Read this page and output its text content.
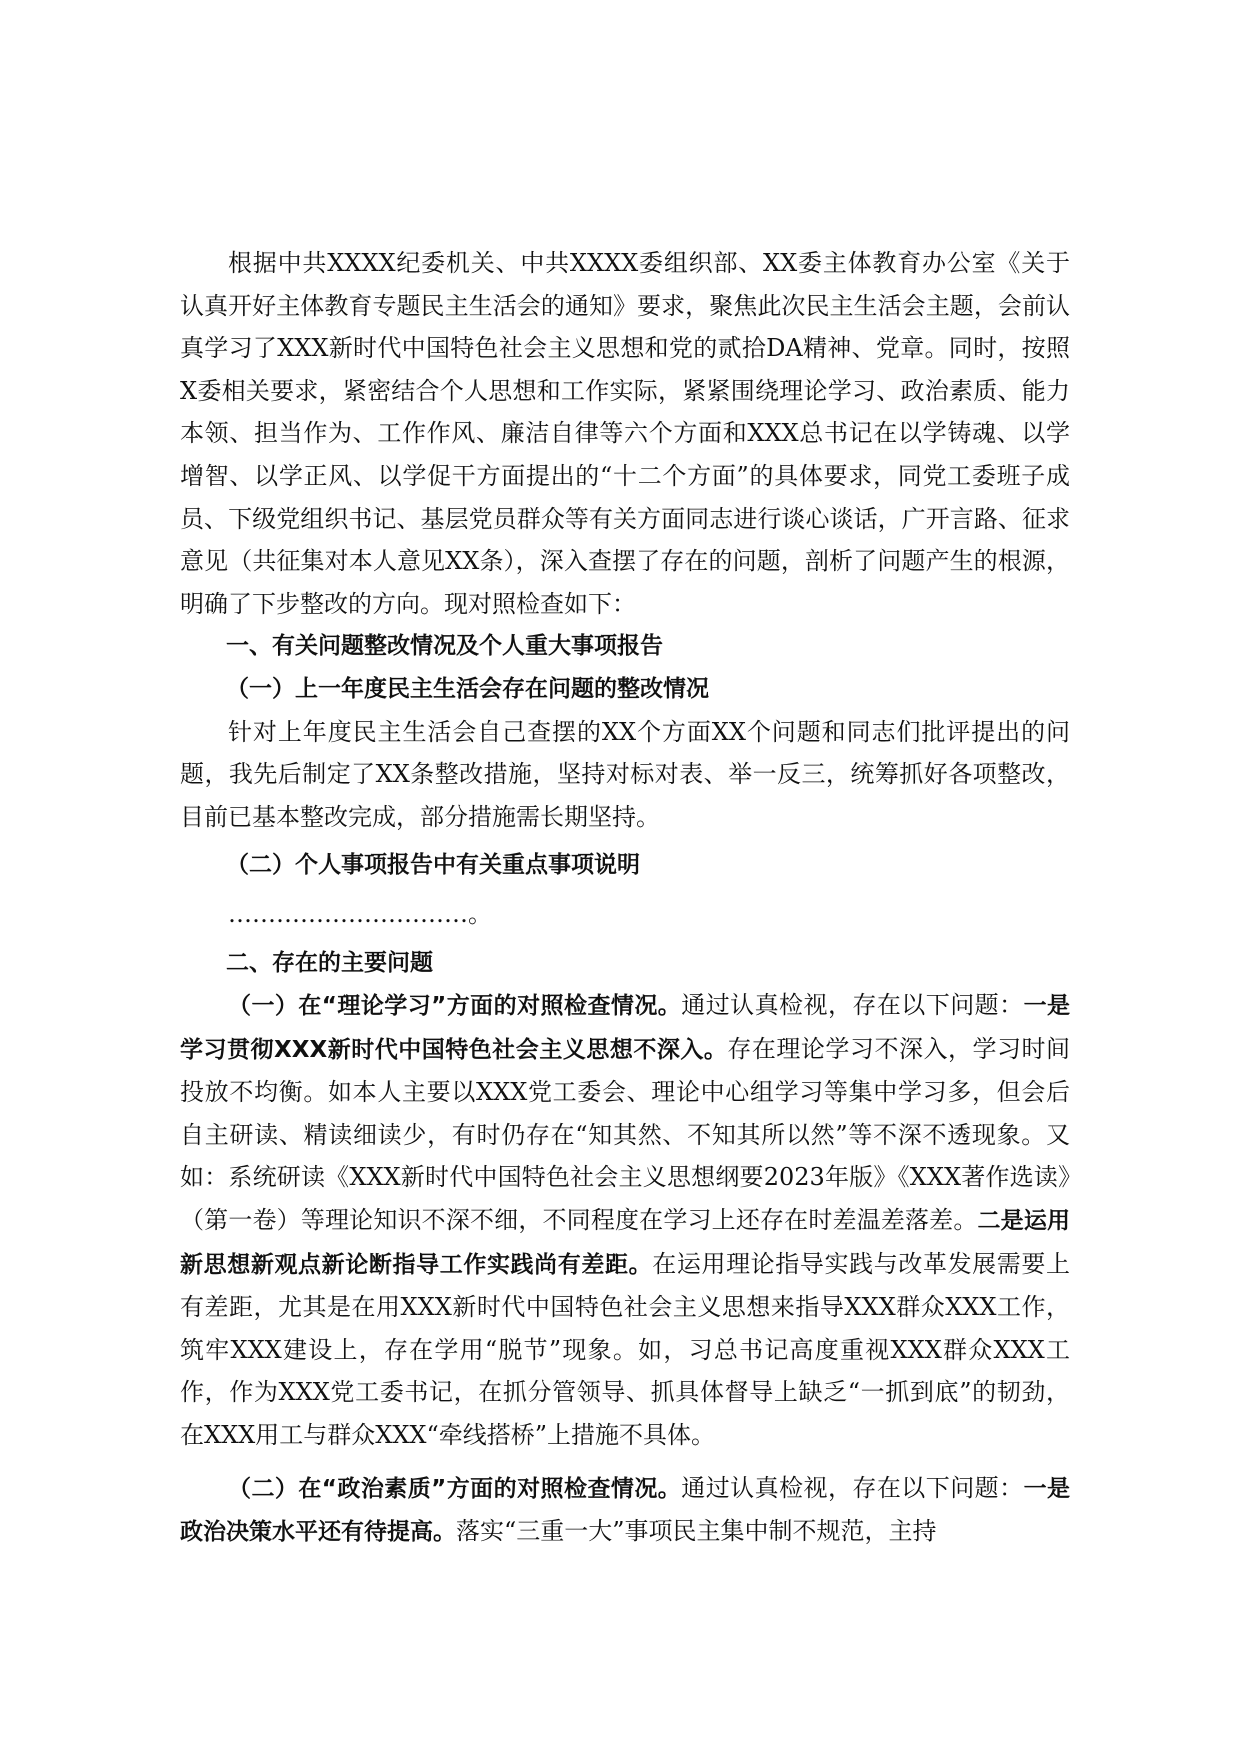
根据中共XXXX纪委机关、中共XXXX委组织部、XX委主体教育办公室《关于认真开好主体教育专题民主生活会的通知》要求，聚焦此次民主生活会主题，会前认真学习了XXX新时代中国特色社会主义思想和党的贰拾DA精神、党章。同时，按照X委相关要求，紧密结合个人思想和工作实际，紧紧围绕理论学习、政治素质、能力本领、担当作为、工作作风、廉洁自律等六个方面和XXX总书记在以学铸魂、以学增智、以学正风、以学促干方面提出的“十二个方面”的具体要求，同党工委班子成员、下级党组织书记、基层党员群众等有关方面同志进行谈心谈话，广开言路、征求意见（共征集对本人意见XX条），深入查摆了存在的问题，剖析了问题产生的根源，明确了下步整改的方向。现对照检查如下：

一、有关问题整改情况及个人重大事项报告

（一）上一年度民主生活会存在问题的整改情况

针对上年度民主生活会自己查摆的XX个方面XX个问题和同志们批评提出的问题，我先后制定了XX条整改措施，坚持对标对表、举一反三，统筹抓好各项整改，目前已基本整改完成，部分措施需长期坚持。

（二）个人事项报告中有关重点事项说明

…………………………。

二、存在的主要问题

（一）在“理论学习”方面的对照检查情况。通过认真检视，存在以下问题：一是学习贯彻XXX新时代中国特色社会主义思想不深入。存在理论学习不深入，学习时间投放不均衡。如本人主要以XXX党工委会、理论中心组学习等集中学习多，但会后自主研读、精读细读少，有时仍存在“知其然、不知其所以然”等不深不透现象。又如：系统研读《XXX新时代中国特色社会主义思想纲要2023年版》《XXX著作选读》（第一卷）等理论知识不深不细，不同程度在学习上还存在时差温差落差。二是运用新思想新观点新论断指导工作实践尚有差距。在运用理论指导实践与改革发展需要上有差距，尤其是在用XXX新时代中国特色社会主义思想来指导XXX群众XXX工作，筑牢XXX建设上，存在学用“脱节”现象。如，习总书记高度重视XXX群众XXX工作，作为XXX党工委书记，在抓分管领导、抓具体督导上缺乏“一抓到底”的韧劲，在XXX用工与群众XXX“牵线搭桥”上措施不具体。

（二）在“政治素质”方面的对照检查情况。通过认真检视，存在以下问题：一是政治决策水平还有待提高。落实“三重一大”事项民主集中制不规范，主持
